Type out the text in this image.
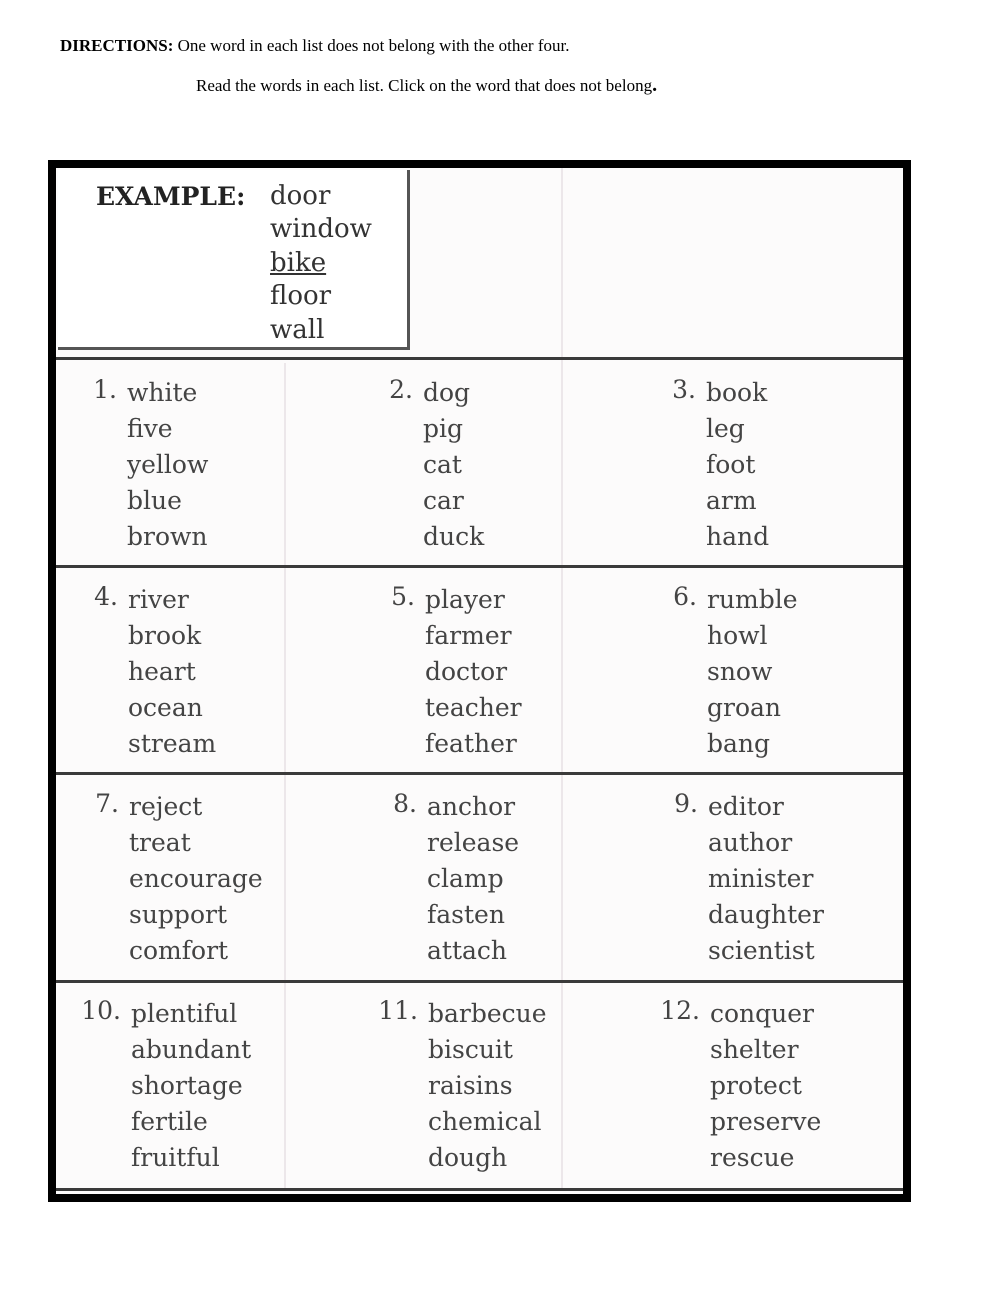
DIRECTIONS: One word in each list does not belong with the other four.
Read the words in each list. Click on the word that does not belong.
EXAMPLE: door
window
bike
floor
wall
1. white
five
yellow
blue
brown
2. dog
pig
cat
car
duck
3. book
leg
foot
arm
hand
4. river
brook
heart
ocean
stream
5. player
farmer
doctor
teacher
feather
6. rumble
howl
snow
groan
bang
7. reject
treat
encourage
support
comfort
8. anchor
release
clamp
fasten
attach
9. editor
author
minister
daughter
scientist
10. plentiful
abundant
shortage
fertile
fruitful
11. barbecue
biscuit
raisins
chemical
dough
12. conquer
shelter
protect
preserve
rescue
